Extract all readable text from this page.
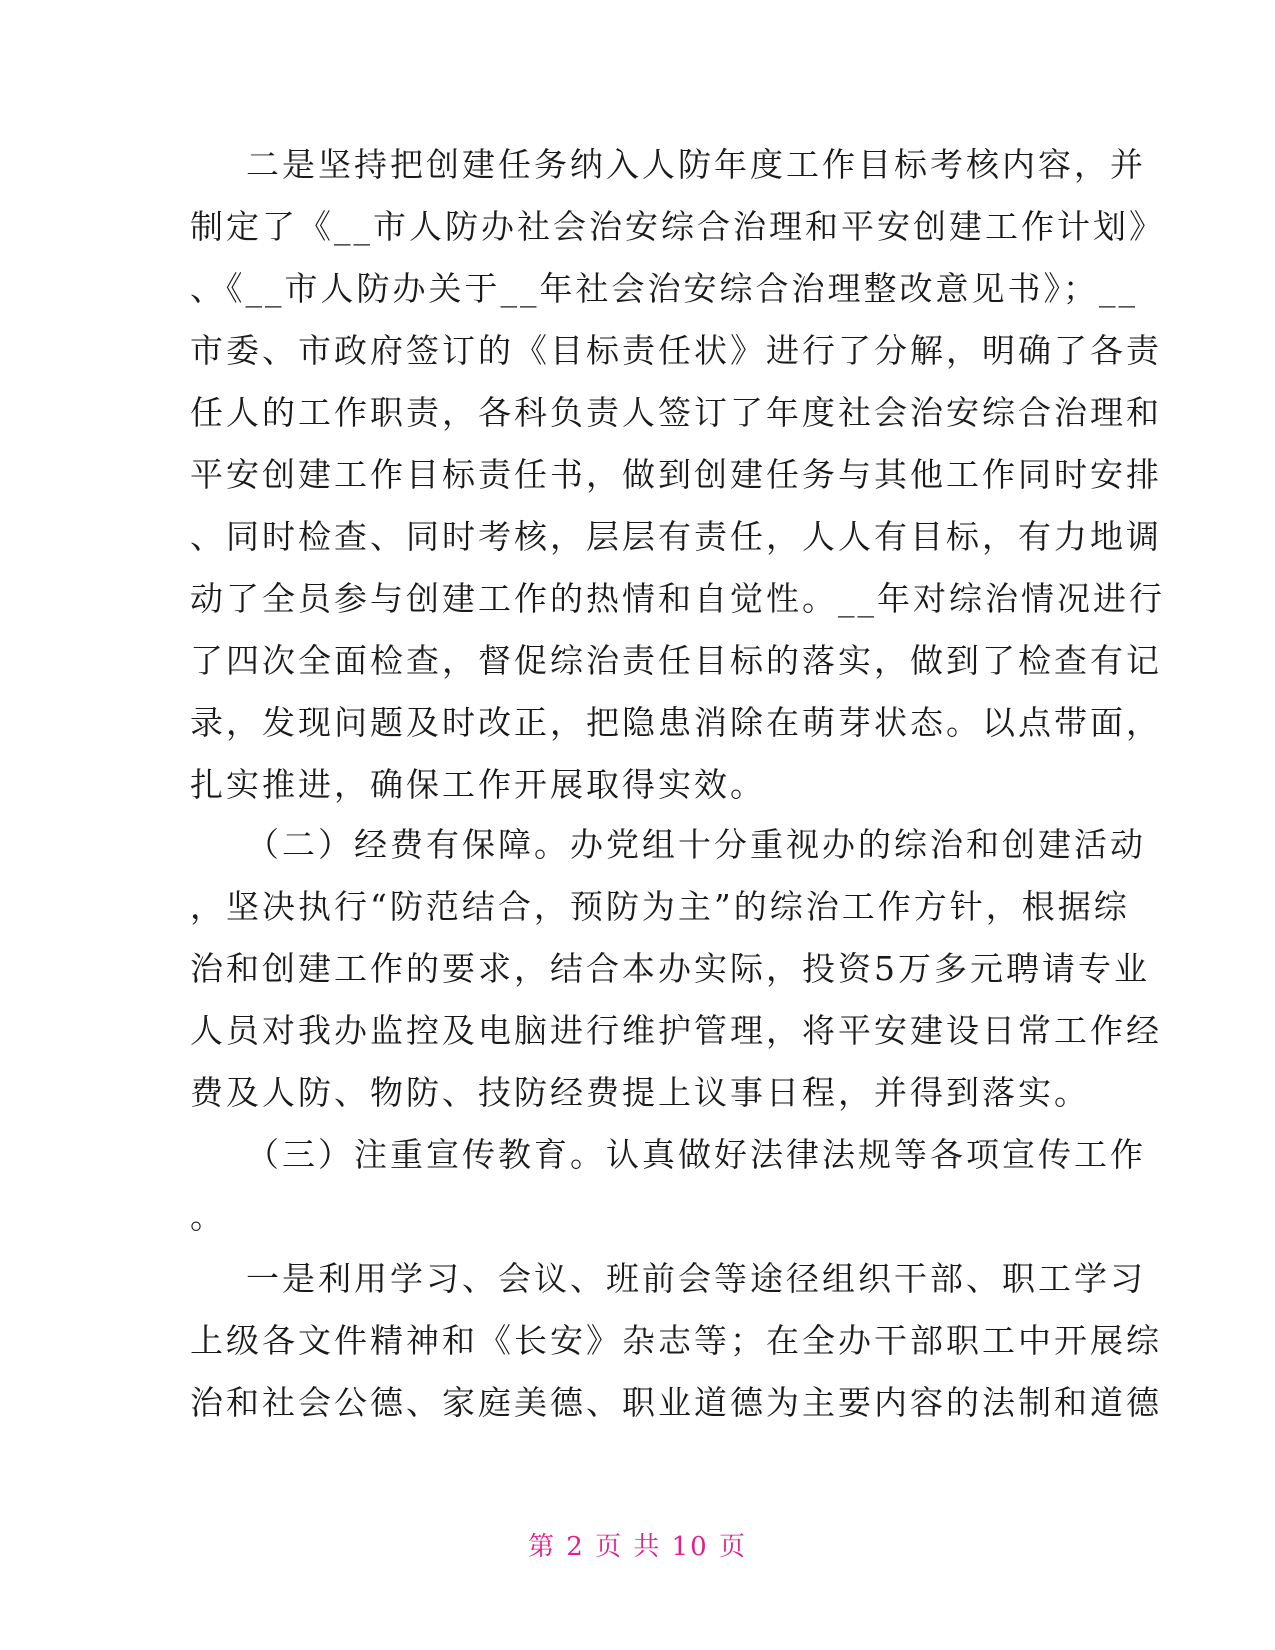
二是坚持把创建任务纳入人防年度工作目标考核内容，并
制定了《__市人防办社会治安综合治理和平安创建工作计划》
、《__市人防办关于__年社会治安综合治理整改意见书》；__
市委、市政府签订的《目标责任状》进行了分解，明确了各责
任人的工作职责，各科负责人签订了年度社会治安综合治理和
平安创建工作目标责任书，做到创建任务与其他工作同时安排
、同时检查、同时考核，层层有责任，人人有目标，有力地调
动了全员参与创建工作的热情和自觉性。__年对综治情况进行
了四次全面检查，督促综治责任目标的落实，做到了检查有记
录，发现问题及时改正，把隐患消除在萌芽状态。以点带面，
扎实推进，确保工作开展取得实效。
（二）经费有保障。办党组十分重视办的综治和创建活动
，坚决执行“防范结合，预防为主”的综治工作方针，根据综
治和创建工作的要求，结合本办实际，投资5万多元聘请专业
人员对我办监控及电脑进行维护管理，将平安建设日常工作经
费及人防、物防、技防经费提上议事日程，并得到落实。
（三）注重宣传教育。认真做好法律法规等各项宣传工作
。
一是利用学习、会议、班前会等途径组织干部、职工学习
上级各文件精神和《长安》杂志等；在全办干部职工中开展综
治和社会公德、家庭美德、职业道德为主要内容的法制和道德
第 2 页 共 10 页
